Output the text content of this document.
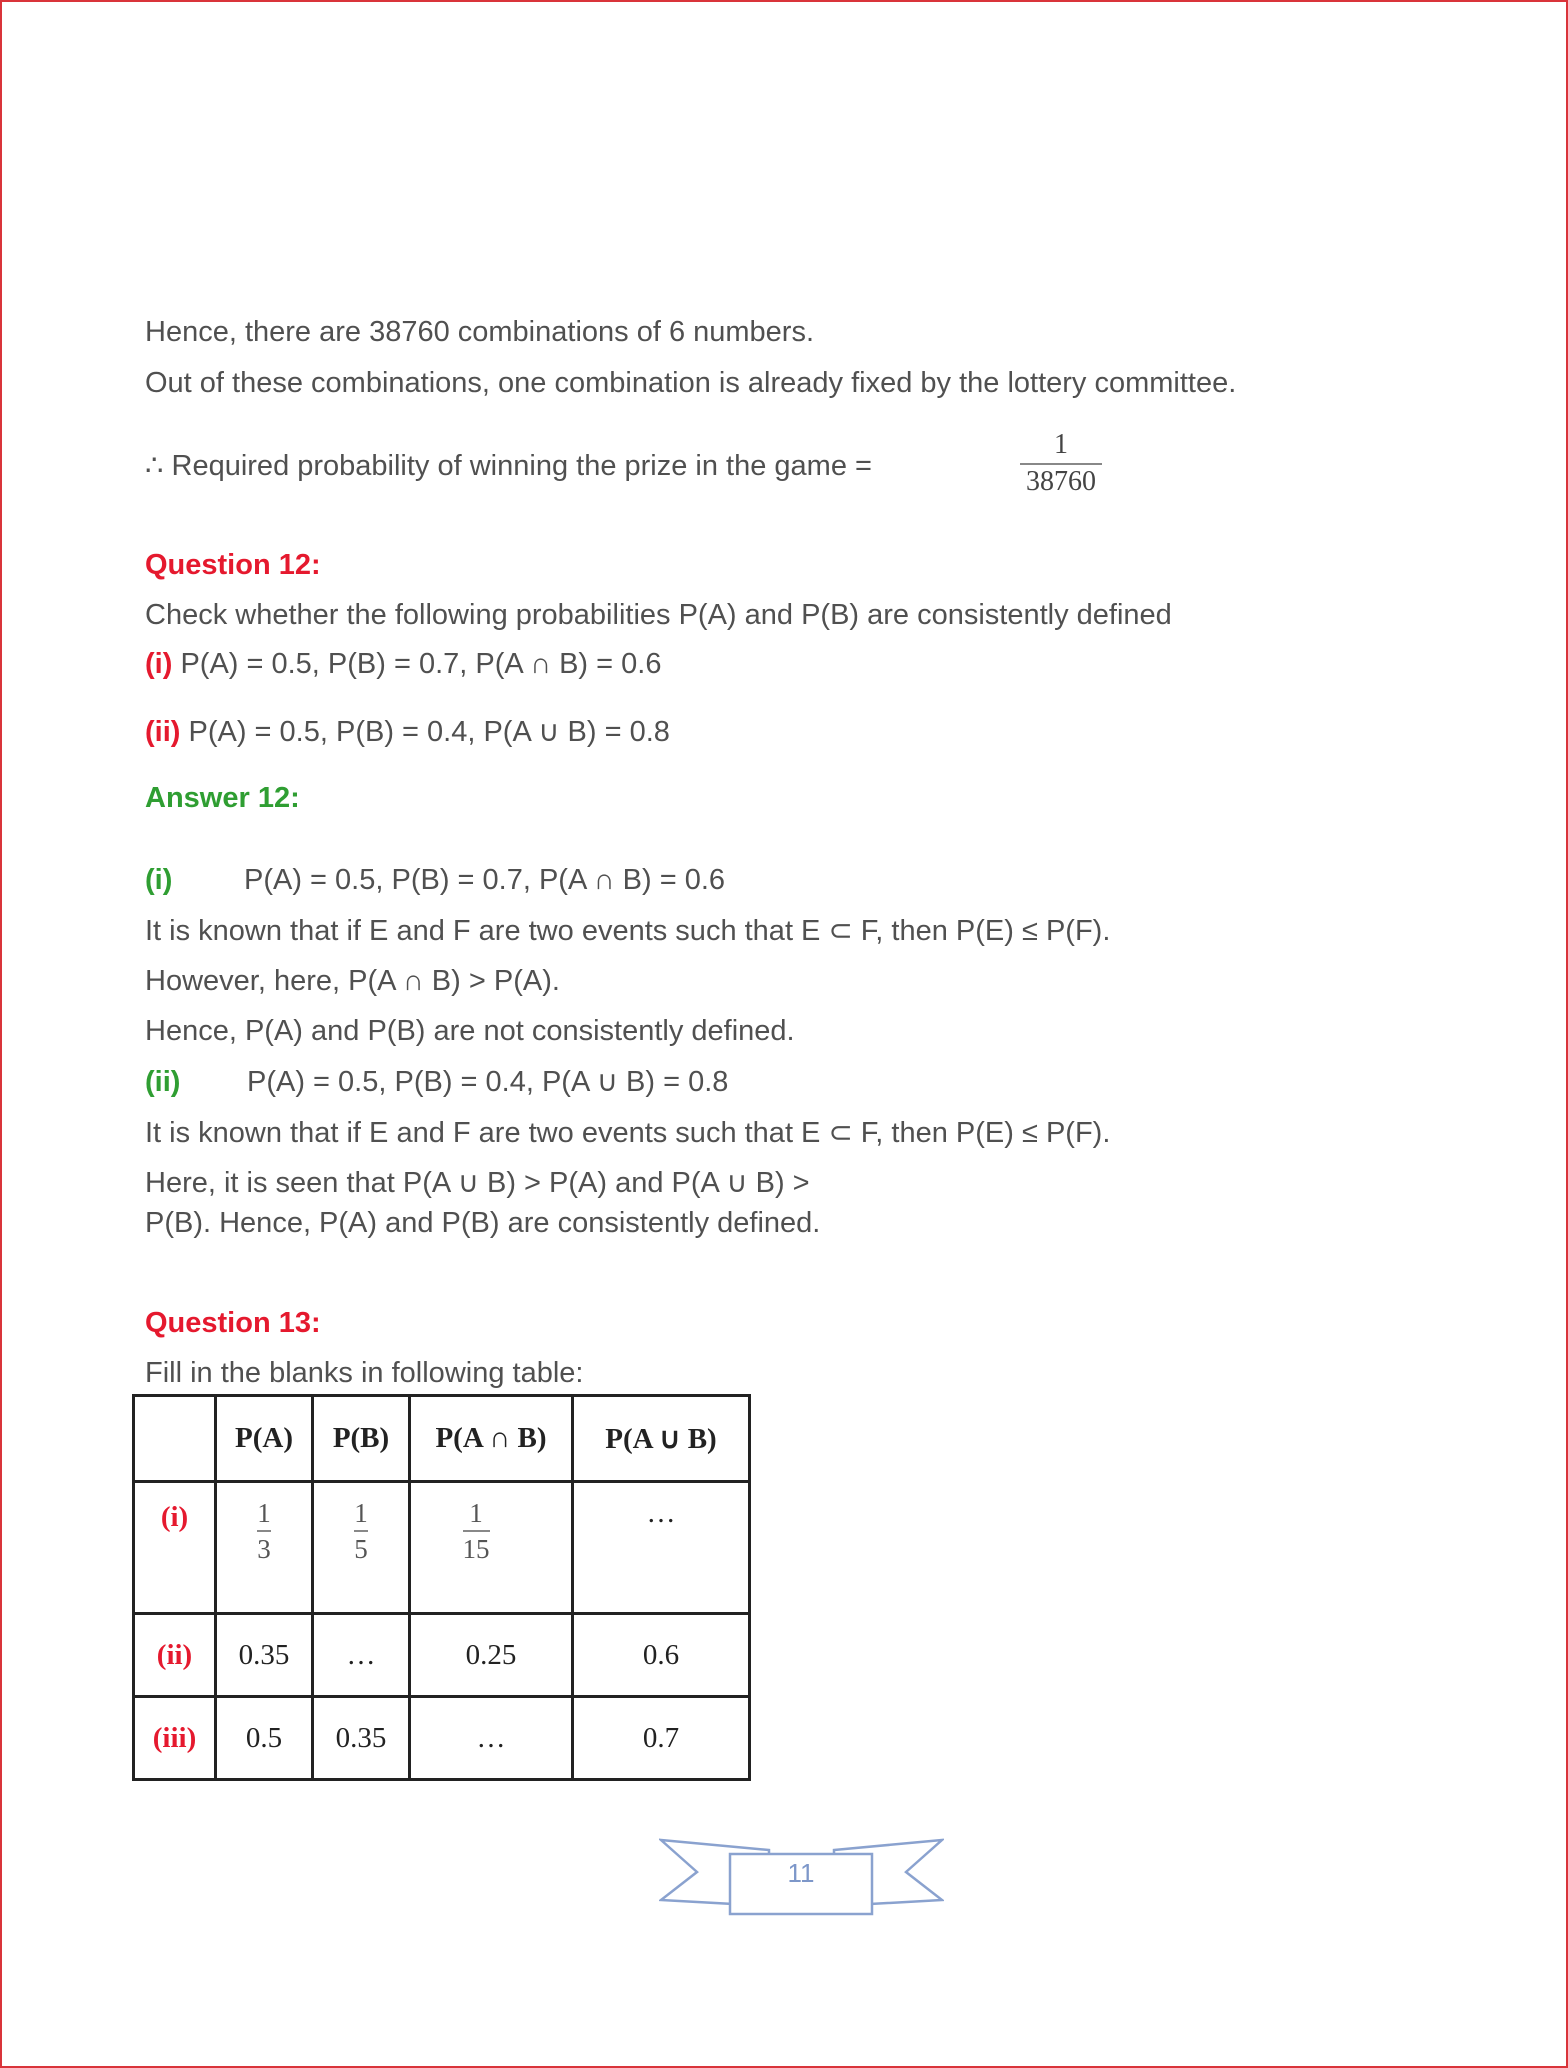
Hence, there are 38760 combinations of 6 numbers.
Out of these combinations, one combination is already fixed by the lottery committee.
∴ Required probability of winning the prize in the game =
1
38760
Question 12:
Check whether the following probabilities P(A) and P(B) are consistently defined
(i) P(A) = 0.5, P(B) = 0.7, P(A ∩ B) = 0.6
(ii) P(A) = 0.5, P(B) = 0.4, P(A ∪ B) = 0.8
Answer 12:
(i) P(A) = 0.5, P(B) = 0.7, P(A ∩ B) = 0.6
It is known that if E and F are two events such that E ⊂ F, then P(E) ≤ P(F).
However, here, P(A ∩ B) > P(A).
Hence, P(A) and P(B) are not consistently defined.
(ii) P(A) = 0.5, P(B) = 0.4, P(A ∪ B) = 0.8
It is known that if E and F are two events such that E ⊂ F, then P(E) ≤ P(F).
Here, it is seen that P(A ∪ B) > P(A) and P(A ∪ B) >
P(B). Hence, P(A) and P(B) are consistently defined.
Question 13:
Fill in the blanks in following table:
	P(A)	P(B)	P(A ∩ B)	P(A ∪ B)
(i)	$\frac{1}{3}$	$\frac{1}{5}$	$\frac{1}{15}$	…
(ii)	0.35	…	0.25	0.6
(iii)	0.5	0.35	…	0.7
11
